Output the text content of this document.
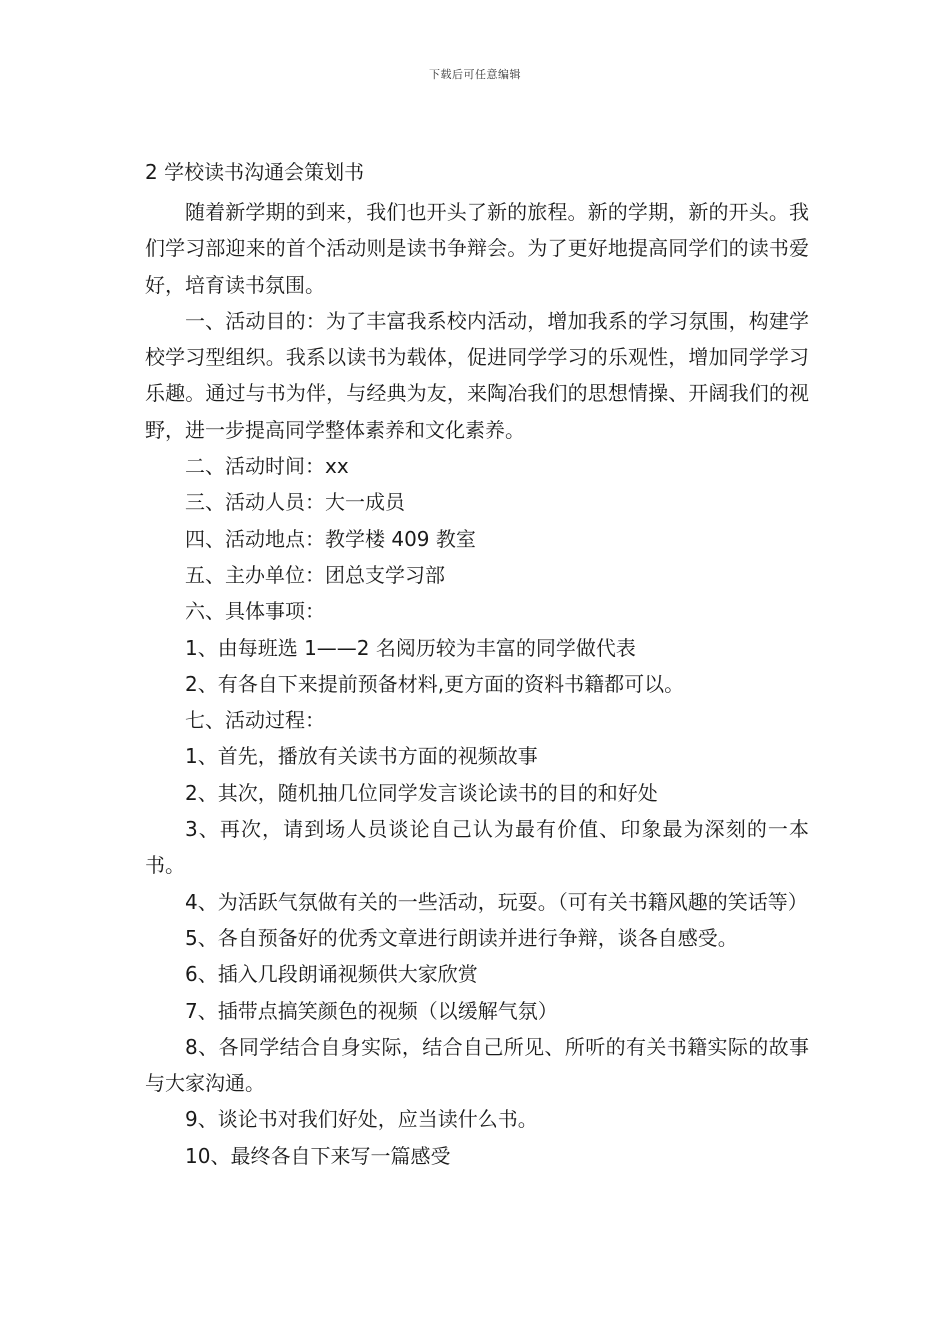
下载后可任意编辑
2 学校读书沟通会策划书

随着新学期的到来，我们也开头了新的旅程。新的学期，新的开头。我们学习部迎来的首个活动则是读书争辩会。为了更好地提高同学们的读书爱好，培育读书氛围。

一、活动目的：为了丰富我系校内活动，增加我系的学习氛围，构建学校学习型组织。我系以读书为载体，促进同学学习的乐观性，增加同学学习乐趣。通过与书为伴，与经典为友，来陶冶我们的思想情操、开阔我们的视野，进一步提高同学整体素养和文化素养。

二、活动时间：xx

三、活动人员：大一成员

四、活动地点：教学楼 409 教室

五、主办单位：团总支学习部

六、具体事项：

1、由每班选 1——2 名阅历较为丰富的同学做代表

2、有各自下来提前预备材料,更方面的资料书籍都可以。

七、活动过程：

1、首先，播放有关读书方面的视频故事

2、其次，随机抽几位同学发言谈论读书的目的和好处

3、再次，请到场人员谈论自己认为最有价值、印象最为深刻的一本书。

4、为活跃气氛做有关的一些活动，玩耍。（可有关书籍风趣的笑话等）

5、各自预备好的优秀文章进行朗读并进行争辩，谈各自感受。

6、插入几段朗诵视频供大家欣赏

7、插带点搞笑颜色的视频（以缓解气氛）

8、各同学结合自身实际，结合自己所见、所听的有关书籍实际的故事与大家沟通。

9、谈论书对我们好处，应当读什么书。

10、最终各自下来写一篇感受
